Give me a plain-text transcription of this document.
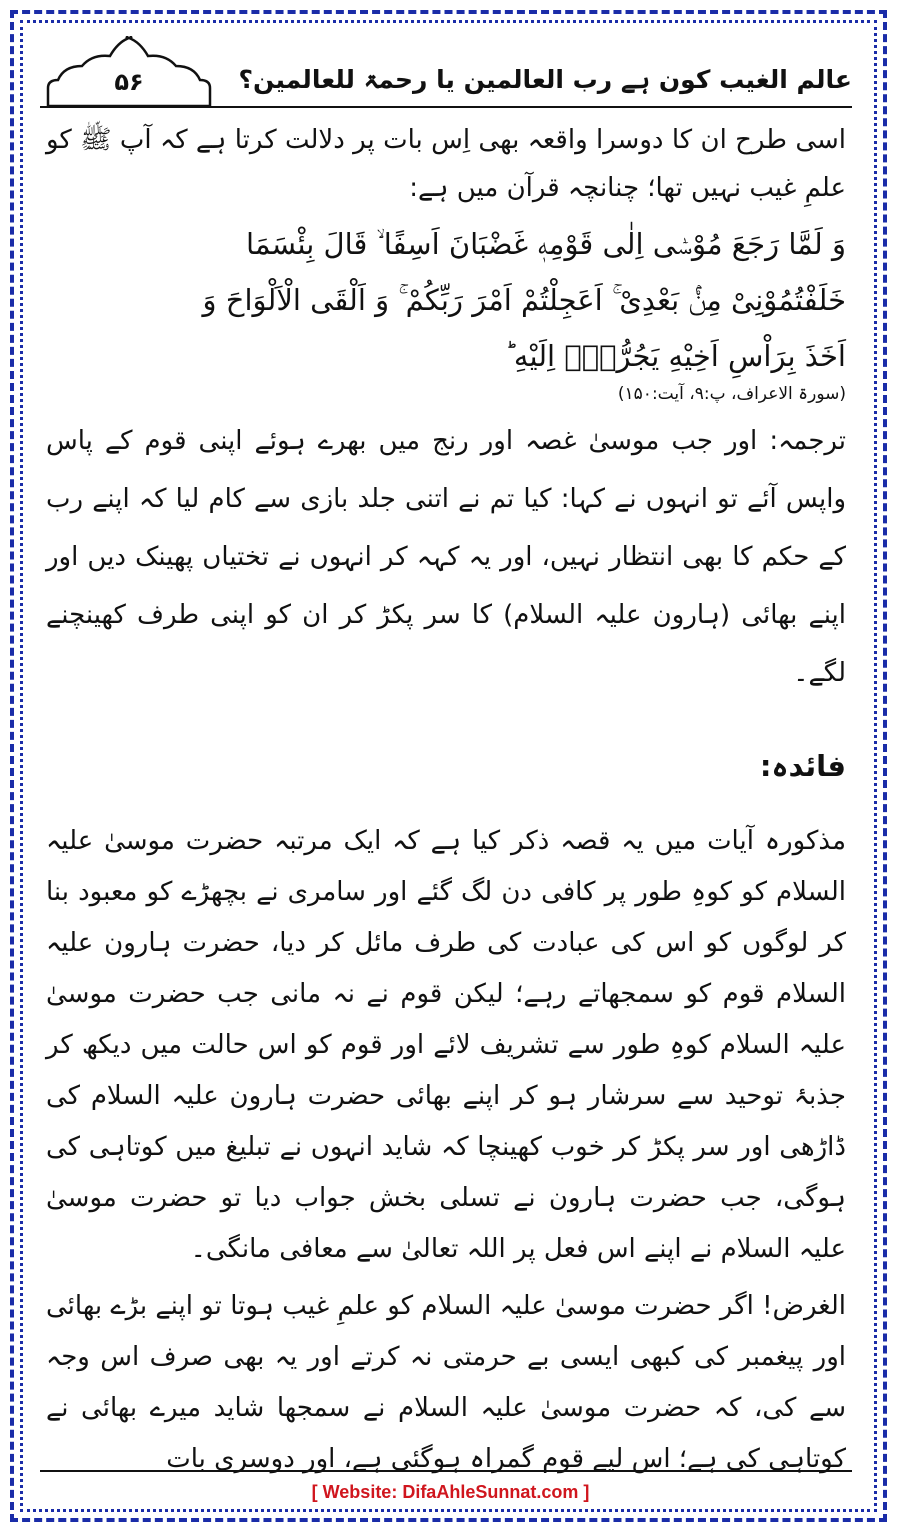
۵۶	عالم الغیب کون ہے رب العالمین یا رحمۃ للعالمین؟

اسی طرح ان کا دوسرا واقعہ بھی اِس بات پر دلالت کرتا ہے کہ آپ ﷺ کو علمِ غیب نہیں تھا؛ چنانچہ قرآن میں ہے:

وَ لَمَّا رَجَعَ مُوْسٰۤى اِلٰى قَوْمِهٖ غَضْبَانَ اَسِفًا ۙ قَالَ بِئْسَمَا

خَلَفْتُمُوْنِیْ مِنْۢ بَعْدِیْ ۚ اَعَجِلْتُمْ اَمْرَ رَبِّكُمْ ۚ وَ اَلْقَى الْاَلْوَاحَ وَ

اَخَذَ بِرَاْسِ اَخِیْهِ یَجُرُّهٗۤ اِلَیْهِ ؕ

(سورۃ الاعراف، پ:۹، آیت:۱۵۰)

ترجمہ: اور جب موسیٰ غصہ اور رنج میں بھرے ہوئے اپنی قوم کے پاس واپس آئے تو انہوں نے کہا: کیا تم نے اتنی جلد بازی سے کام لیا کہ اپنے رب کے حکم کا بھی انتظار نہیں، اور یہ کہہ کر انہوں نے تختیاں پھینک دیں اور اپنے بھائی (ہارون علیہ السلام) کا سر پکڑ کر ان کو اپنی طرف کھینچنے لگے۔

فائدہ:

مذکورہ آیات میں یہ قصہ ذکر کیا ہے کہ ایک مرتبہ حضرت موسیٰ علیہ السلام کو کوہِ طور پر کافی دن لگ گئے اور سامری نے بچھڑے کو معبود بنا کر لوگوں کو اس کی عبادت کی طرف مائل کر دیا، حضرت ہارون علیہ السلام قوم کو سمجھاتے رہے؛ لیکن قوم نے نہ مانی جب حضرت موسیٰ علیہ السلام کوہِ طور سے تشریف لائے اور قوم کو اس حالت میں دیکھ کر جذبۂ توحید سے سرشار ہو کر اپنے بھائی حضرت ہارون علیہ السلام کی ڈاڑھی اور سر پکڑ کر خوب کھینچا کہ شاید انہوں نے تبلیغ میں کوتاہی کی ہوگی، جب حضرت ہارون نے تسلی بخش جواب دیا تو حضرت موسیٰ علیہ السلام نے اپنے اس فعل پر اللہ تعالیٰ سے معافی مانگی۔

الغرض! اگر حضرت موسیٰ علیہ السلام کو علمِ غیب ہوتا تو اپنے بڑے بھائی اور پیغمبر کی کبھی ایسی بے حرمتی نہ کرتے اور یہ بھی صرف اس وجہ سے کی، کہ حضرت موسیٰ علیہ السلام نے سمجھا شاید میرے بھائی نے کوتاہی کی ہے؛ اس لیے قوم گمراہ ہوگئی ہے، اور دوسری بات

[ Website: DifaAhleSunnat.com ]
